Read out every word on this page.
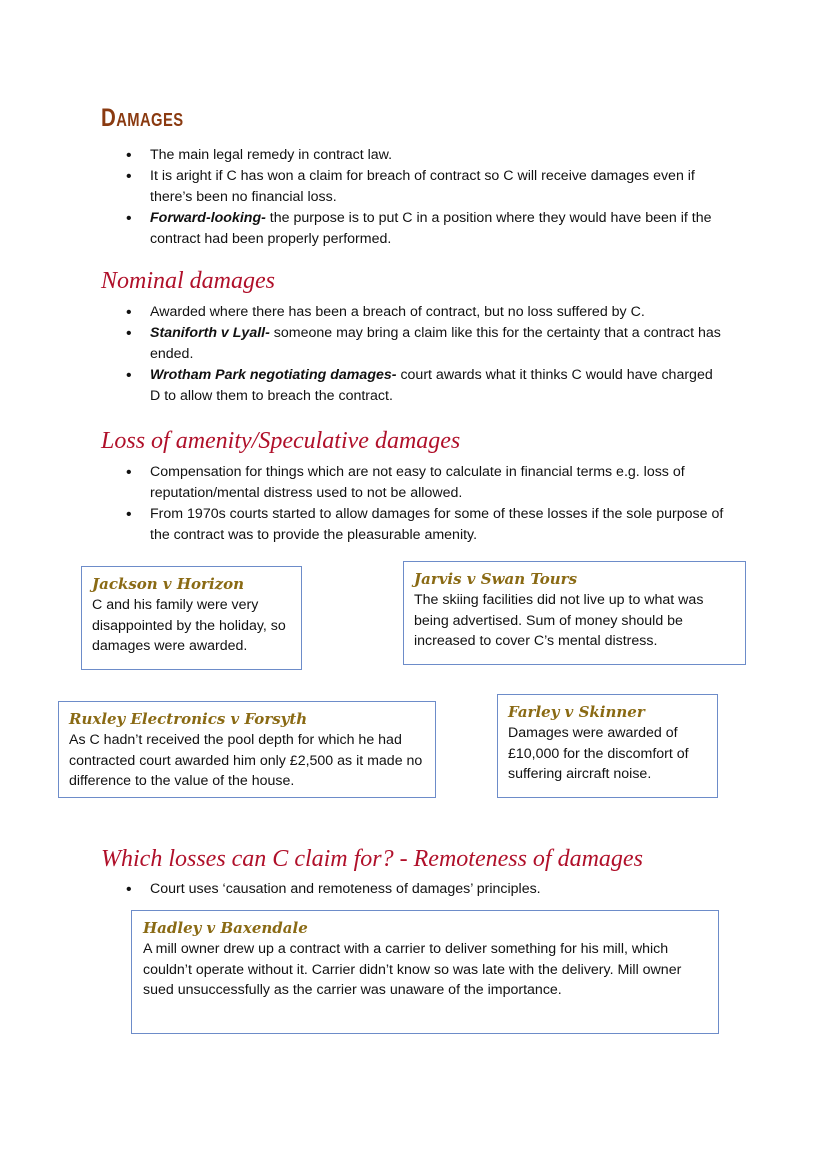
Damages
• The main legal remedy in contract law.
• It is aright if C has won a claim for breach of contract so C will receive damages even if there’s been no financial loss.
• Forward-looking- the purpose is to put C in a position where they would have been if the contract had been properly performed.
Nominal damages
• Awarded where there has been a breach of contract, but no loss suffered by C.
• Staniforth v Lyall- someone may bring a claim like this for the certainty that a contract has ended.
• Wrotham Park negotiating damages- court awards what it thinks C would have charged D to allow them to breach the contract.
Loss of amenity/Speculative damages
• Compensation for things which are not easy to calculate in financial terms e.g. loss of reputation/mental distress used to not be allowed.
• From 1970s courts started to allow damages for some of these losses if the sole purpose of the contract was to provide the pleasurable amenity.

Jackson v Horizon

C and his family were very disappointed by the holiday, so damages were awarded.

Jarvis v Swan Tours

The skiing facilities did not live up to what was being advertised. Sum of money should be increased to cover C’s mental distress.

Ruxley Electronics v Forsyth

As C hadn’t received the pool depth for which he had contracted court awarded him only £2,500 as it made no difference to the value of the house.

Farley v Skinner

Damages were awarded of £10,000 for the discomfort of suffering aircraft noise.

Which losses can C claim for? - Remoteness of damages
• Court uses ‘causation and remoteness of damages’ principles.

Hadley v Baxendale

A mill owner drew up a contract with a carrier to deliver something for his mill, which couldn’t operate without it. Carrier didn’t know so was late with the delivery. Mill owner sued unsuccessfully as the carrier was unaware of the importance.
